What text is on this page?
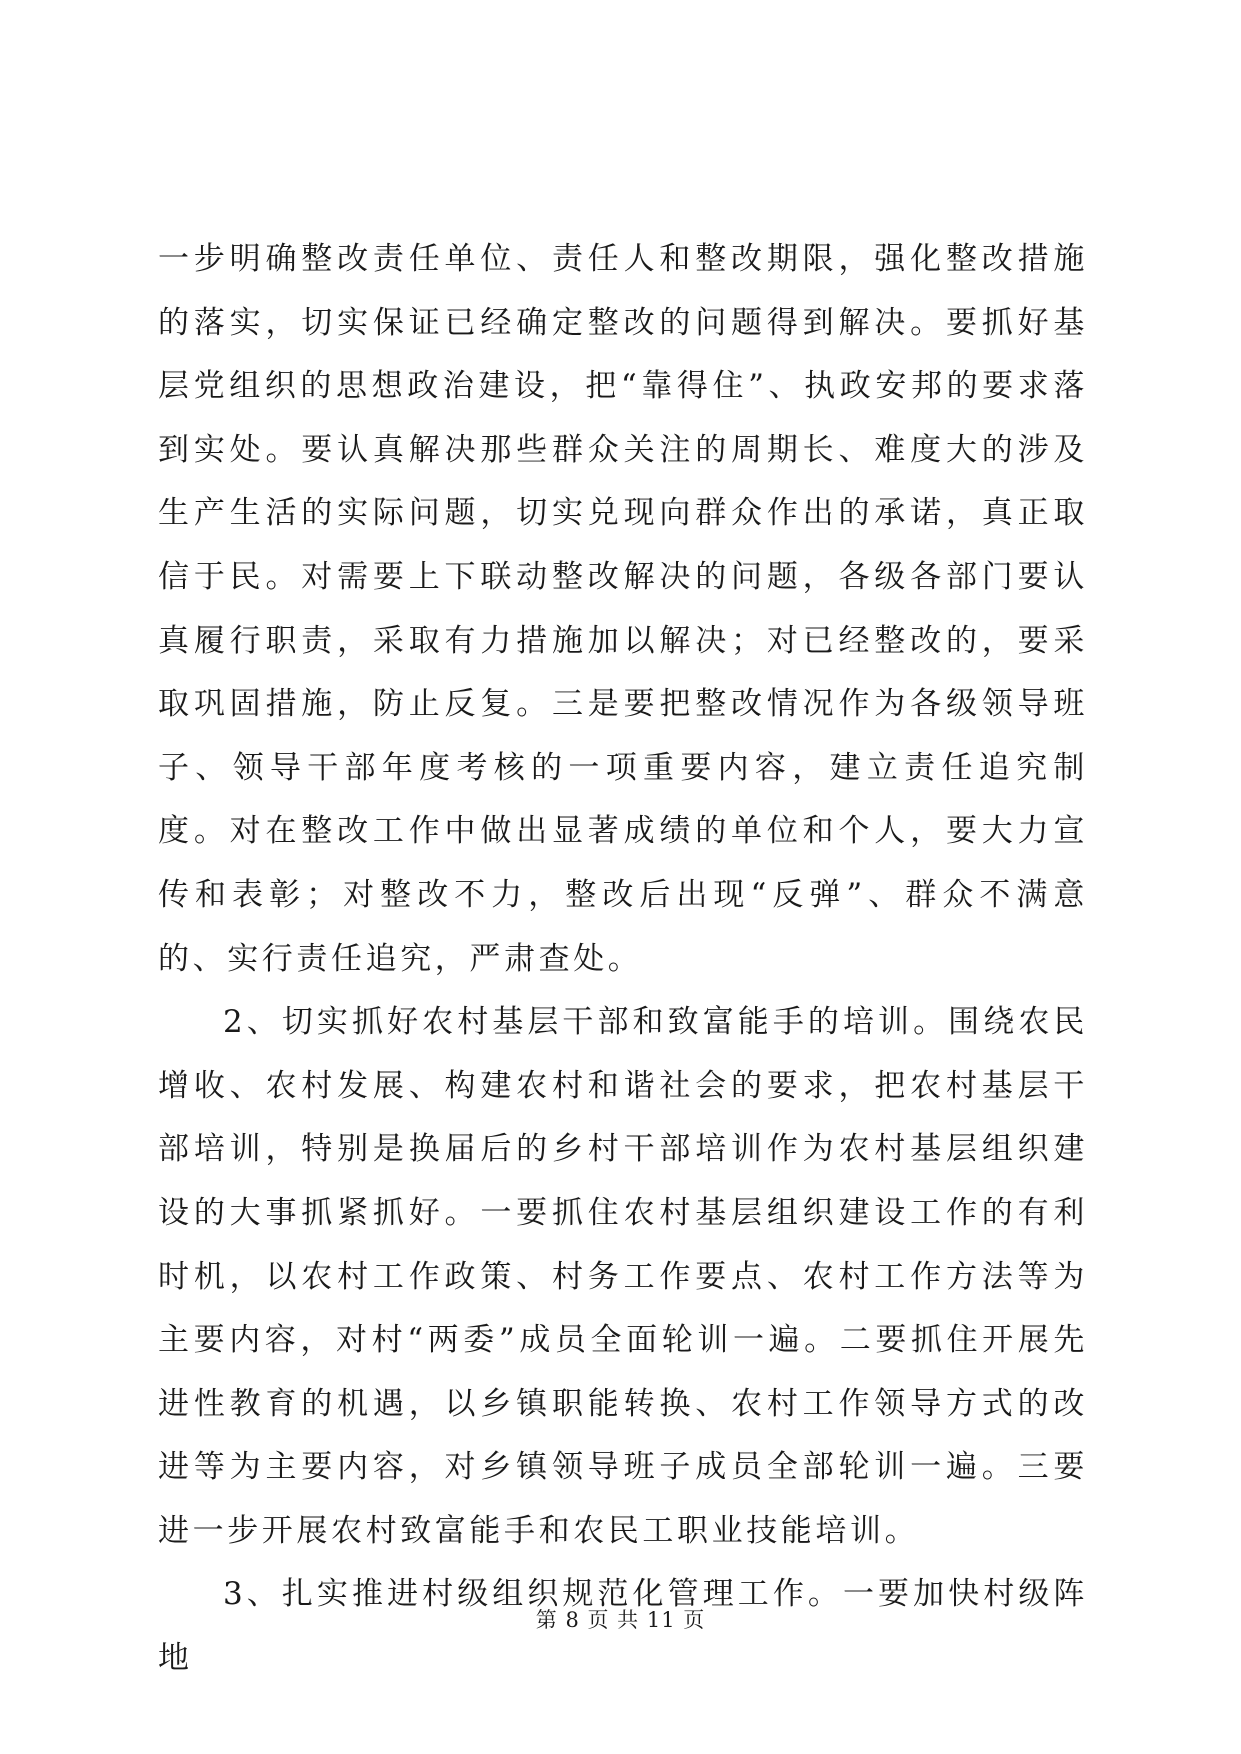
一步明确整改责任单位、责任人和整改期限，强化整改措施的落实，切实保证已经确定整改的问题得到解决。要抓好基层党组织的思想政治建设，把“靠得住”、执政安邦的要求落到实处。要认真解决那些群众关注的周期长、难度大的涉及生产生活的实际问题，切实兑现向群众作出的承诺，真正取信于民。对需要上下联动整改解决的问题，各级各部门要认真履行职责，采取有力措施加以解决；对已经整改的，要采取巩固措施，防止反复。三是要把整改情况作为各级领导班子、领导干部年度考核的一项重要内容，建立责任追究制度。对在整改工作中做出显著成绩的单位和个人，要大力宣传和表彰；对整改不力，整改后出现“反弹”、群众不满意的、实行责任追究，严肃查处。

2、切实抓好农村基层干部和致富能手的培训。围绕农民增收、农村发展、构建农村和谐社会的要求，把农村基层干部培训，特别是换届后的乡村干部培训作为农村基层组织建设的大事抓紧抓好。一要抓住农村基层组织建设工作的有利时机，以农村工作政策、村务工作要点、农村工作方法等为主要内容，对村“两委”成员全面轮训一遍。二要抓住开展先进性教育的机遇，以乡镇职能转换、农村工作领导方式的改进等为主要内容，对乡镇领导班子成员全部轮训一遍。三要进一步开展农村致富能手和农民工职业技能培训。

3、扎实推进村级组织规范化管理工作。一要加快村级阵地

第 8 页 共 11 页
